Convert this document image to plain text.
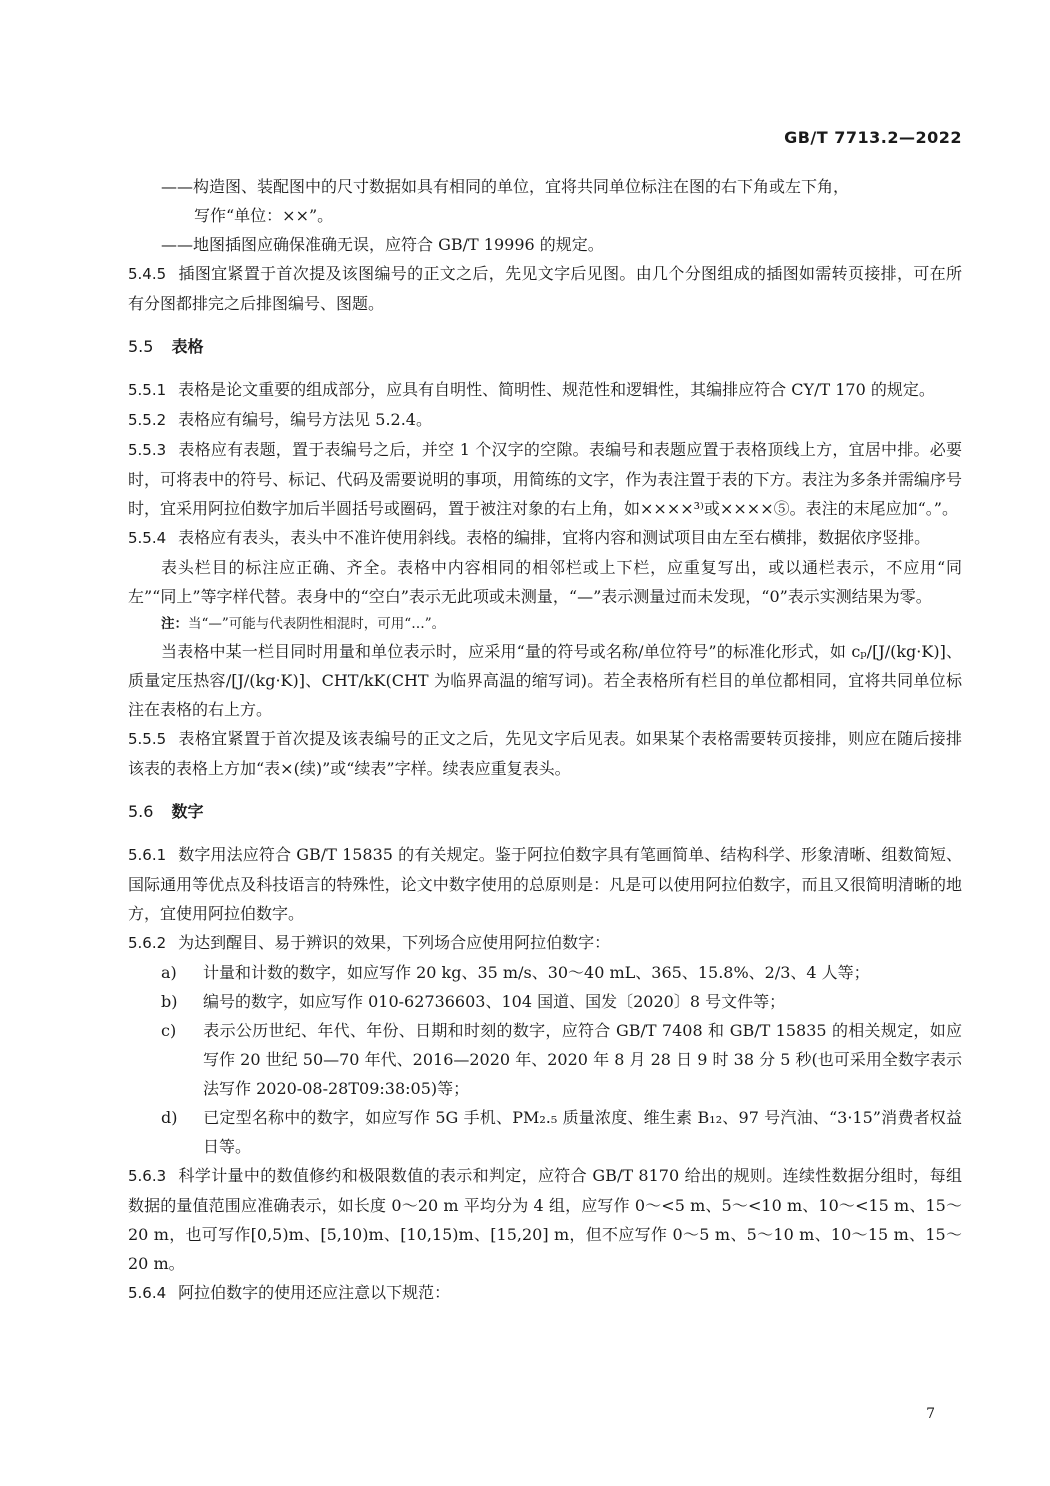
GB/T 7713.2—2022

——构造图、装配图中的尺寸数据如具有相同的单位，宜将共同单位标注在图的右下角或左下角，

写作“单位：××”。

——地图插图应确保准确无误，应符合 GB/T 19996 的规定。

5.4.5 插图宜紧置于首次提及该图编号的正文之后，先见文字后见图。由几个分图组成的插图如需转页接排，可在所有分图都排完之后排图编号、图题。

5.5 表格

5.5.1 表格是论文重要的组成部分，应具有自明性、简明性、规范性和逻辑性，其编排应符合 CY/T 170 的规定。

5.5.2 表格应有编号，编号方法见 5.2.4。

5.5.3 表格应有表题，置于表编号之后，并空 1 个汉字的空隙。表编号和表题应置于表格顶线上方，宜居中排。必要时，可将表中的符号、标记、代码及需要说明的事项，用简练的文字，作为表注置于表的下方。表注为多条并需编序号时，宜采用阿拉伯数字加后半圆括号或圈码，置于被注对象的右上角，如××××³⁾或××××⑤。表注的末尾应加“。”。

5.5.4 表格应有表头，表头中不准许使用斜线。表格的编排，宜将内容和测试项目由左至右横排，数据依序竖排。

表头栏目的标注应正确、齐全。表格中内容相同的相邻栏或上下栏，应重复写出，或以通栏表示，不应用“同左”“同上”等字样代替。表身中的“空白”表示无此项或未测量，“—”表示测量过而未发现，“0”表示实测结果为零。

注：当“—”可能与代表阴性相混时，可用“…”。

当表格中某一栏目同时用量和单位表示时，应采用“量的符号或名称/单位符号”的标准化形式，如 cₚ/[J/(kg·K)]、质量定压热容/[J/(kg·K)]、CHT/kK(CHT 为临界高温的缩写词)。若全表格所有栏目的单位都相同，宜将共同单位标注在表格的右上方。

5.5.5 表格宜紧置于首次提及该表编号的正文之后，先见文字后见表。如果某个表格需要转页接排，则应在随后接排该表的表格上方加“表×(续)”或“续表”字样。续表应重复表头。

5.6 数字

5.6.1 数字用法应符合 GB/T 15835 的有关规定。鉴于阿拉伯数字具有笔画简单、结构科学、形象清晰、组数简短、国际通用等优点及科技语言的特殊性，论文中数字使用的总原则是：凡是可以使用阿拉伯数字，而且又很简明清晰的地方，宜使用阿拉伯数字。

5.6.2 为达到醒目、易于辨识的效果，下列场合应使用阿拉伯数字：

a) 计量和计数的数字，如应写作 20 kg、35 m/s、30～40 mL、365、15.8%、2/3、4 人等；

b) 编号的数字，如应写作 010-62736603、104 国道、国发〔2020〕8 号文件等；

c) 表示公历世纪、年代、年份、日期和时刻的数字，应符合 GB/T 7408 和 GB/T 15835 的相关规定，如应写作 20 世纪 50—70 年代、2016—2020 年、2020 年 8 月 28 日 9 时 38 分 5 秒(也可采用全数字表示法写作 2020-08-28T09:38:05)等；

d) 已定型名称中的数字，如应写作 5G 手机、PM₂.₅ 质量浓度、维生素 B₁₂、97 号汽油、“3·15”消费者权益日等。

5.6.3 科学计量中的数值修约和极限数值的表示和判定，应符合 GB/T 8170 给出的规则。连续性数据分组时，每组数据的量值范围应准确表示，如长度 0～20 m 平均分为 4 组，应写作 0～<5 m、5～<10 m、10～<15 m、15～20 m，也可写作[0,5)m、[5,10)m、[10,15)m、[15,20] m，但不应写作 0～5 m、5～10 m、10～15 m、15～20 m。

5.6.4 阿拉伯数字的使用还应注意以下规范：

7
